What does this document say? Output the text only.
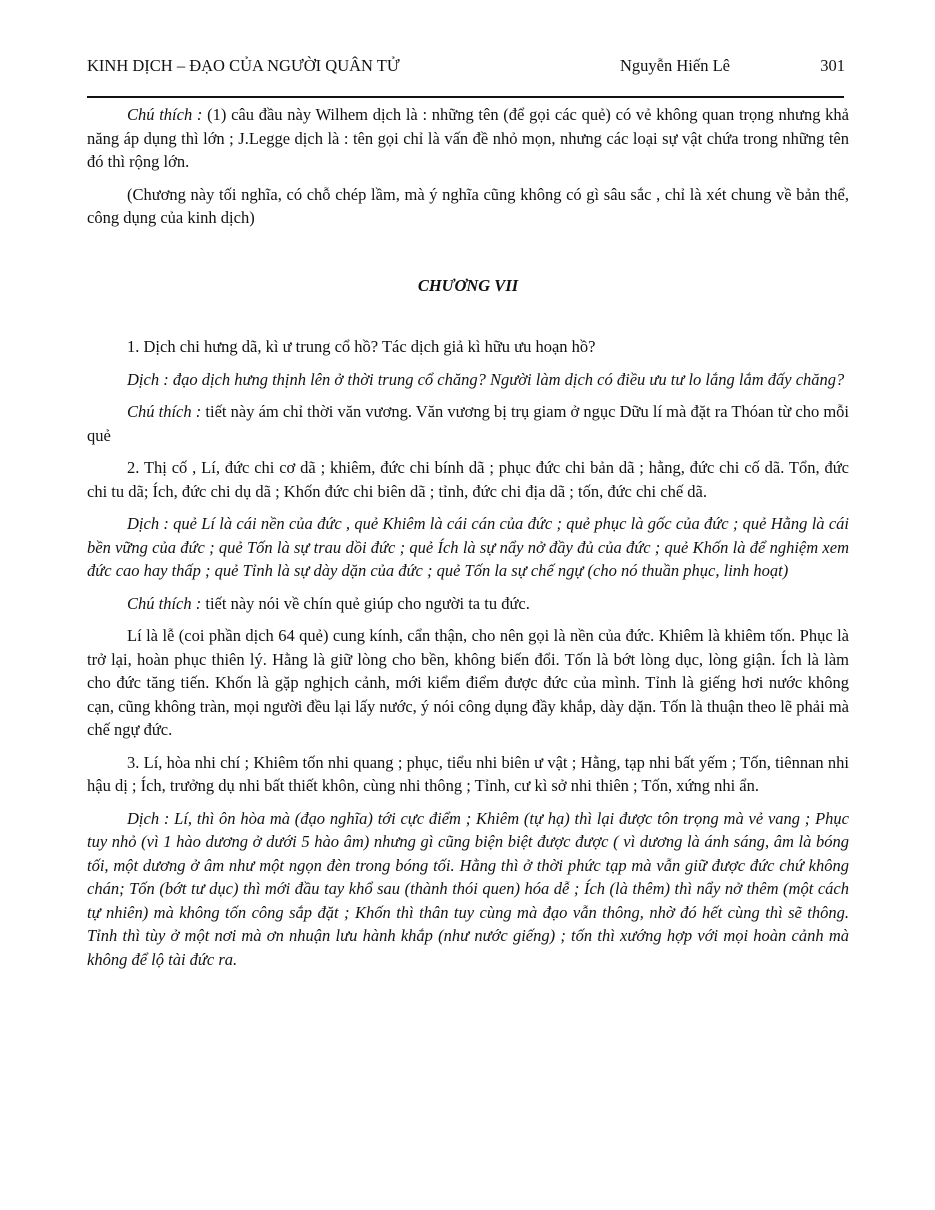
KINH DỊCH – ĐẠO CỦA NGƯỜI QUÂN TỬ	Nguyễn Hiến Lê	301

Chú thích : (1) câu đầu này Wilhem dịch là : những tên (để gọi các quẻ) có vẻ không quan trọng nhưng khả năng áp dụng thì lớn ; J.Legge dịch là : tên gọi chỉ là vấn đề nhỏ mọn, nhưng các loại sự vật chứa trong những tên đó thì rộng lớn.

(Chương này tối nghĩa, có chỗ chép lầm, mà ý nghĩa cũng không có gì sâu sắc , chỉ là xét chung về bản thể, công dụng của kinh dịch)

CHƯƠNG VII

1. Dịch chi hưng dã, kì ư trung cổ hồ? Tác dịch giả kì hữu ưu hoạn hồ?

Dịch : đạo dịch hưng thịnh lên ở thời trung cổ chăng? Người làm dịch có điều ưu tư lo lắng lắm đấy chăng?

Chú thích : tiết này ám chỉ thời văn vương. Văn vương bị trụ giam ở ngục Dữu lí mà đặt ra Thóan từ cho mỗi quẻ

2. Thị cố , Lí, đức chi cơ dã ; khiêm, đức chi bính dã ; phục đức chi bản dã ; hằng, đức chi cố dã. Tổn, đức chi tu dã; Ích, đức chi dụ dã ; Khốn đức chi biên dã ; tỉnh, đức chi địa dã ; tốn, đức chi chế dã.

Dịch : quẻ Lí là cái nền của đức , quẻ Khiêm là cái cán của đức ; quẻ phục là gốc của đức ; quẻ Hằng là cái bền vững của đức ; quẻ Tốn là sự trau dồi đức ; quẻ Ích là sự nẩy nở đầy đủ của đức ; quẻ Khốn là để nghiệm xem đức cao hay thấp ; quẻ Tỉnh là sự dày dặn của đức ; quẻ Tốn la sự chế ngự (cho nó thuần phục, linh hoạt)

Chú thích : tiết này nói về chín quẻ giúp cho người ta tu đức.

Lí là lễ (coi phần dịch 64 quẻ) cung kính, cẩn thận, cho nên gọi là nền của đức. Khiêm là khiêm tốn. Phục là trở lại, hoàn phục thiên lý. Hằng là giữ lòng cho bền, không biến đổi. Tốn là bớt lòng dục, lòng giận. Ích là làm cho đức tăng tiến. Khốn là gặp nghịch cảnh, mới kiểm điểm được đức của mình. Tỉnh là giếng hơi nước không cạn, cũng không tràn, mọi người đều lại lấy nước, ý nói công dụng đầy khắp, dày dặn. Tốn là thuận theo lẽ phải mà chế ngự đức.

3. Lí, hòa nhi chí ; Khiêm tốn nhi quang ; phục, tiểu nhi biên ư vật ; Hằng, tạp nhi bất yếm ; Tốn, tiênnan nhi hậu dị ; Ích, trưởng dụ nhi bất thiết khôn, cùng nhi thông ; Tỉnh, cư kì sở nhi thiên ; Tốn, xứng nhi ẩn.

Dịch : Lí, thì ôn hòa mà (đạo nghĩa) tới cực điểm ; Khiêm (tự hạ) thì lại được tôn trọng mà vẻ vang ; Phục tuy nhỏ (vì 1 hào dương ở dưới 5 hào âm) nhưng gì cũng biện biệt được được ( vì dương là ánh sáng, âm là bóng tối, một dương ở âm như một ngọn đèn trong bóng tối. Hằng thì ở thời phức tạp mà vẫn giữ được đức chứ không chán; Tốn (bớt tư dục) thì mới đầu tay khổ sau (thành thói quen) hóa dễ ; Ích (là thêm) thì nẩy nở thêm (một cách tự nhiên) mà không tốn công sắp đặt ; Khốn thì thân tuy cùng mà đạo vẫn thông, nhờ đó hết cùng thì sẽ thông. Tỉnh thì tùy ở một nơi mà ơn nhuận lưu hành khắp (như nước giếng) ; tốn thì xướng hợp với mọi hoàn cảnh mà không để lộ tài đức ra.
